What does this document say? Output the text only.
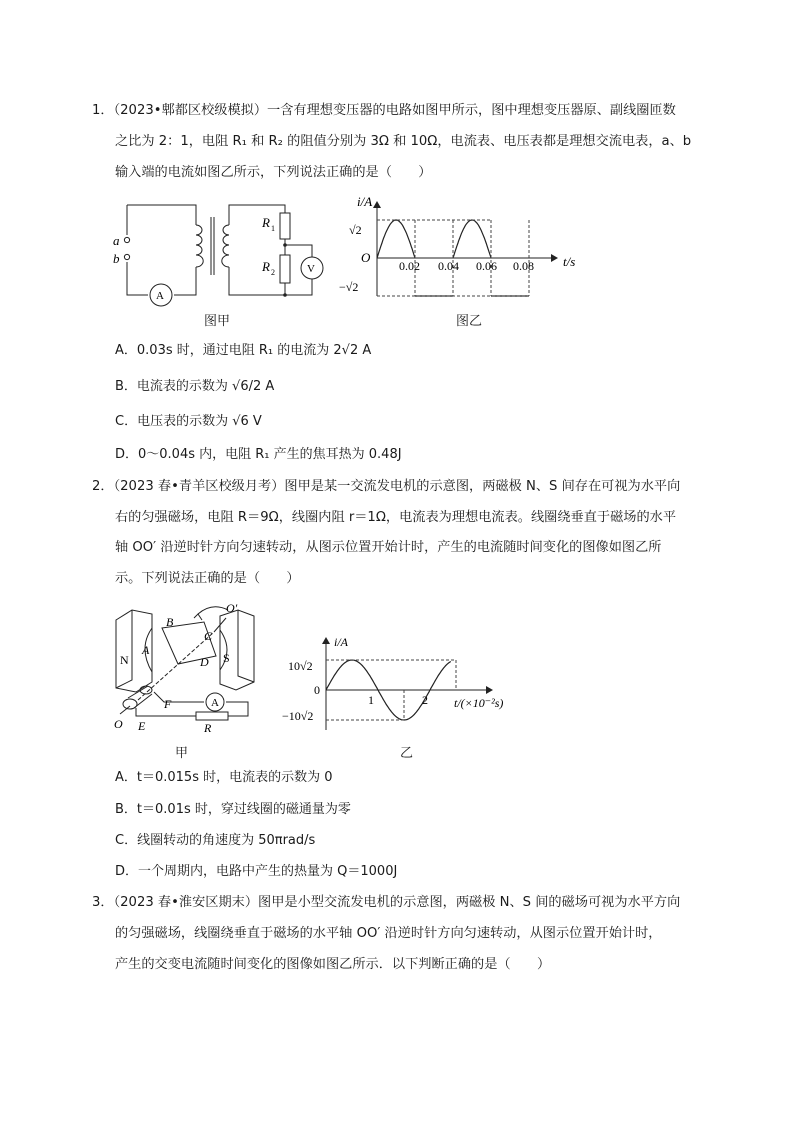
1．（2023•郫都区校级模拟）一含有理想变压器的电路如图甲所示，图中理想变压器原、副线圈匝数
之比为 2：1，电阻 R₁ 和 R₂ 的阻值分别为 3Ω 和 10Ω，电流表、电压表都是理想交流电表，a、b
输入端的电流如图乙所示，下列说法正确的是（　　）
a
b
A
V
R 1
R 2
图甲
i/A
t/s
O
√2
−√2
0.02 0.04 0.06 0.08
图乙
A．0.03s 时，通过电阻 R₁ 的电流为 2√2 A
B．电流表的示数为 √6/2 A
C．电压表的示数为 √6 V
D．0～0.04s 内，电阻 R₁ 产生的焦耳热为 0.48J
2．（2023 春•青羊区校级月考）图甲是某一交流发电机的示意图，两磁极 N、S 间存在可视为水平向
右的匀强磁场，电阻 R＝9Ω，线圈内阻 r＝1Ω，电流表为理想电流表。线圈绕垂直于磁场的水平
轴 OO′ 沿逆时针方向匀速转动，从图示位置开始计时，产生的电流随时间变化的图像如图乙所
示。下列说法正确的是（　　）
A
N	S
A
B
C
D
F
E
O
O′
R
甲
i/A
t/(×10⁻²s)
0
10√2
−10√2
1	2
乙
A．t＝0.015s 时，电流表的示数为 0
B．t＝0.01s 时，穿过线圈的磁通量为零
C．线圈转动的角速度为 50πrad/s
D．一个周期内，电路中产生的热量为 Q＝1000J
3．（2023 春•淮安区期末）图甲是小型交流发电机的示意图，两磁极 N、S 间的磁场可视为水平方向
的匀强磁场，线圈绕垂直于磁场的水平轴 OO′ 沿逆时针方向匀速转动，从图示位置开始计时，
产生的交变电流随时间变化的图像如图乙所示．以下判断正确的是（　　）
